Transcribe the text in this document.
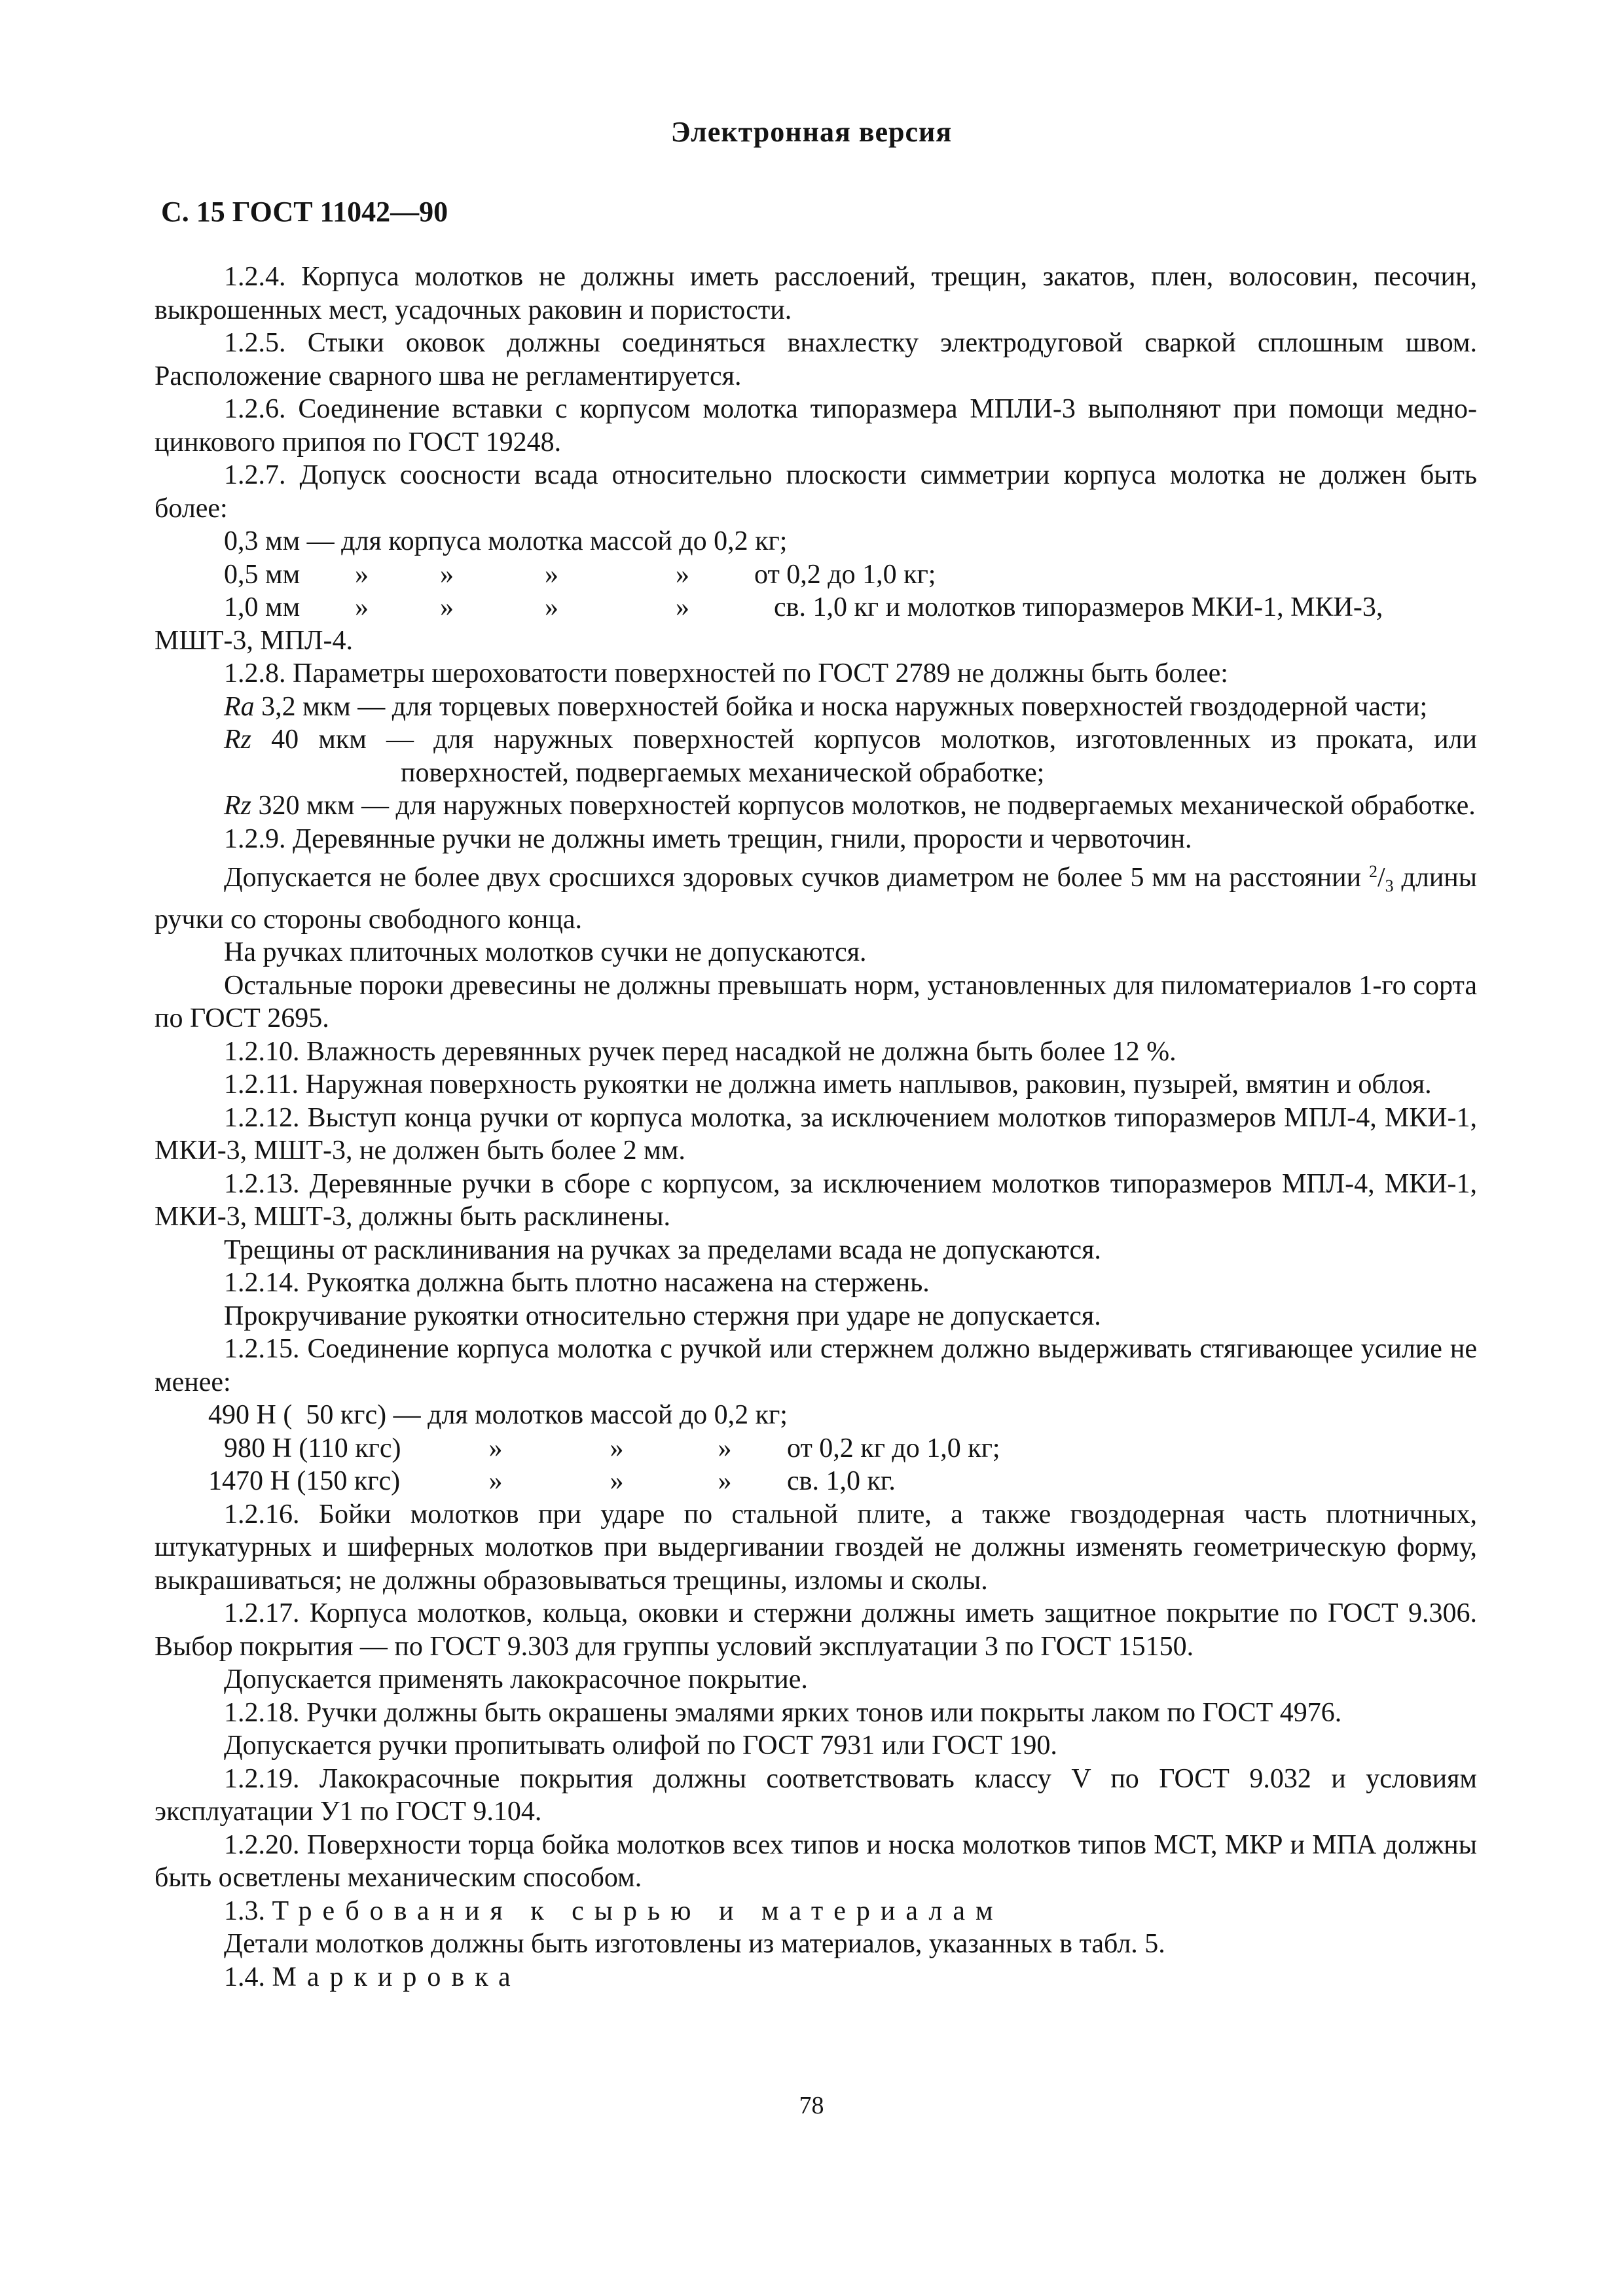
Электронная версия
С. 15 ГОСТ 11042—90

1.2.4. Корпуса молотков не должны иметь расслоений, трещин, закатов, плен, волосовин, песочин, выкрошенных мест, усадочных раковин и пористости.

1.2.5. Стыки оковок должны соединяться внахлестку электродуговой сваркой сплошным швом. Расположение сварного шва не регламентируется.

1.2.6. Соединение вставки с корпусом молотка типоразмера МПЛИ-3 выполняют при помощи медно-цинкового припоя по ГОСТ 19248.

1.2.7. Допуск соосности всада относительно плоскости симметрии корпуса молотка не должен быть более:

0,3 мм — для корпуса молотка массой до 0,2 кг;

0,5 мм	»	»	»	»	от 0,2 до 1,0 кг;
1,0 мм	»	»	»	»	св. 1,0 кг и молотков типоразмеров МКИ-1, МКИ-3,

МШТ-3, МПЛ-4.

1.2.8. Параметры шероховатости поверхностей по ГОСТ 2789 не должны быть более:

Ra 3,2 мкм — для торцевых поверхностей бойка и носка наружных поверхностей гвоздодерной части;

Rz 40 мкм — для наружных поверхностей корпусов молотков, изготовленных из проката, или поверхностей, подвергаемых механической обработке;

Rz 320 мкм — для наружных поверхностей корпусов молотков, не подвергаемых механической обработке.

1.2.9. Деревянные ручки не должны иметь трещин, гнили, прорости и червоточин.

Допускается не более двух сросшихся здоровых сучков диаметром не более 5 мм на расстоянии $^2/_3$ длины ручки со стороны свободного конца.

На ручках плиточных молотков сучки не допускаются.

Остальные пороки древесины не должны превышать норм, установленных для пиломатериалов 1-го сорта по ГОСТ 2695.

1.2.10. Влажность деревянных ручек перед насадкой не должна быть более 12 %.

1.2.11. Наружная поверхность рукоятки не должна иметь наплывов, раковин, пузырей, вмятин и облоя.

1.2.12. Выступ конца ручки от корпуса молотка, за исключением молотков типоразмеров МПЛ-4, МКИ-1, МКИ-3, МШТ-3, не должен быть более 2 мм.

1.2.13. Деревянные ручки в сборе с корпусом, за исключением молотков типоразмеров МПЛ-4, МКИ-1, МКИ-3, МШТ-3, должны быть расклинены.

Трещины от расклинивания на ручках за пределами всада не допускаются.

1.2.14. Рукоятка должна быть плотно насажена на стержень.

Прокручивание рукоятки относительно стержня при ударе не допускается.

1.2.15. Соединение корпуса молотка с ручкой или стержнем должно выдерживать стягивающее усилие не менее:

490 Н (  50 кгс) — для молотков массой до 0,2 кг;

980 Н (110 кгс)	»	»	»	от 0,2 кг до 1,0 кг;
1470 Н (150 кгс)	»	»	»	св. 1,0 кг.

1.2.16. Бойки молотков при ударе по стальной плите, а также гвоздодерная часть плотничных, штукатурных и шиферных молотков при выдергивании гвоздей не должны изменять геометрическую форму, выкрашиваться; не должны образовываться трещины, изломы и сколы.

1.2.17. Корпуса молотков, кольца, оковки и стержни должны иметь защитное покрытие по ГОСТ 9.306. Выбор покрытия — по ГОСТ 9.303 для группы условий эксплуатации 3 по ГОСТ 15150.

Допускается применять лакокрасочное покрытие.

1.2.18. Ручки должны быть окрашены эмалями ярких тонов или покрыты лаком по ГОСТ 4976.

Допускается ручки пропитывать олифой по ГОСТ 7931 или ГОСТ 190.

1.2.19. Лакокрасочные покрытия должны соответствовать классу V по ГОСТ 9.032 и условиям эксплуатации У1 по ГОСТ 9.104.

1.2.20. Поверхности торца бойка молотков всех типов и носка молотков типов МСТ, МКР и МПА должны быть осветлены механическим способом.

1.3. Требования к сырью и материалам

Детали молотков должны быть изготовлены из материалов, указанных в табл. 5.

1.4. Маркировка

78
